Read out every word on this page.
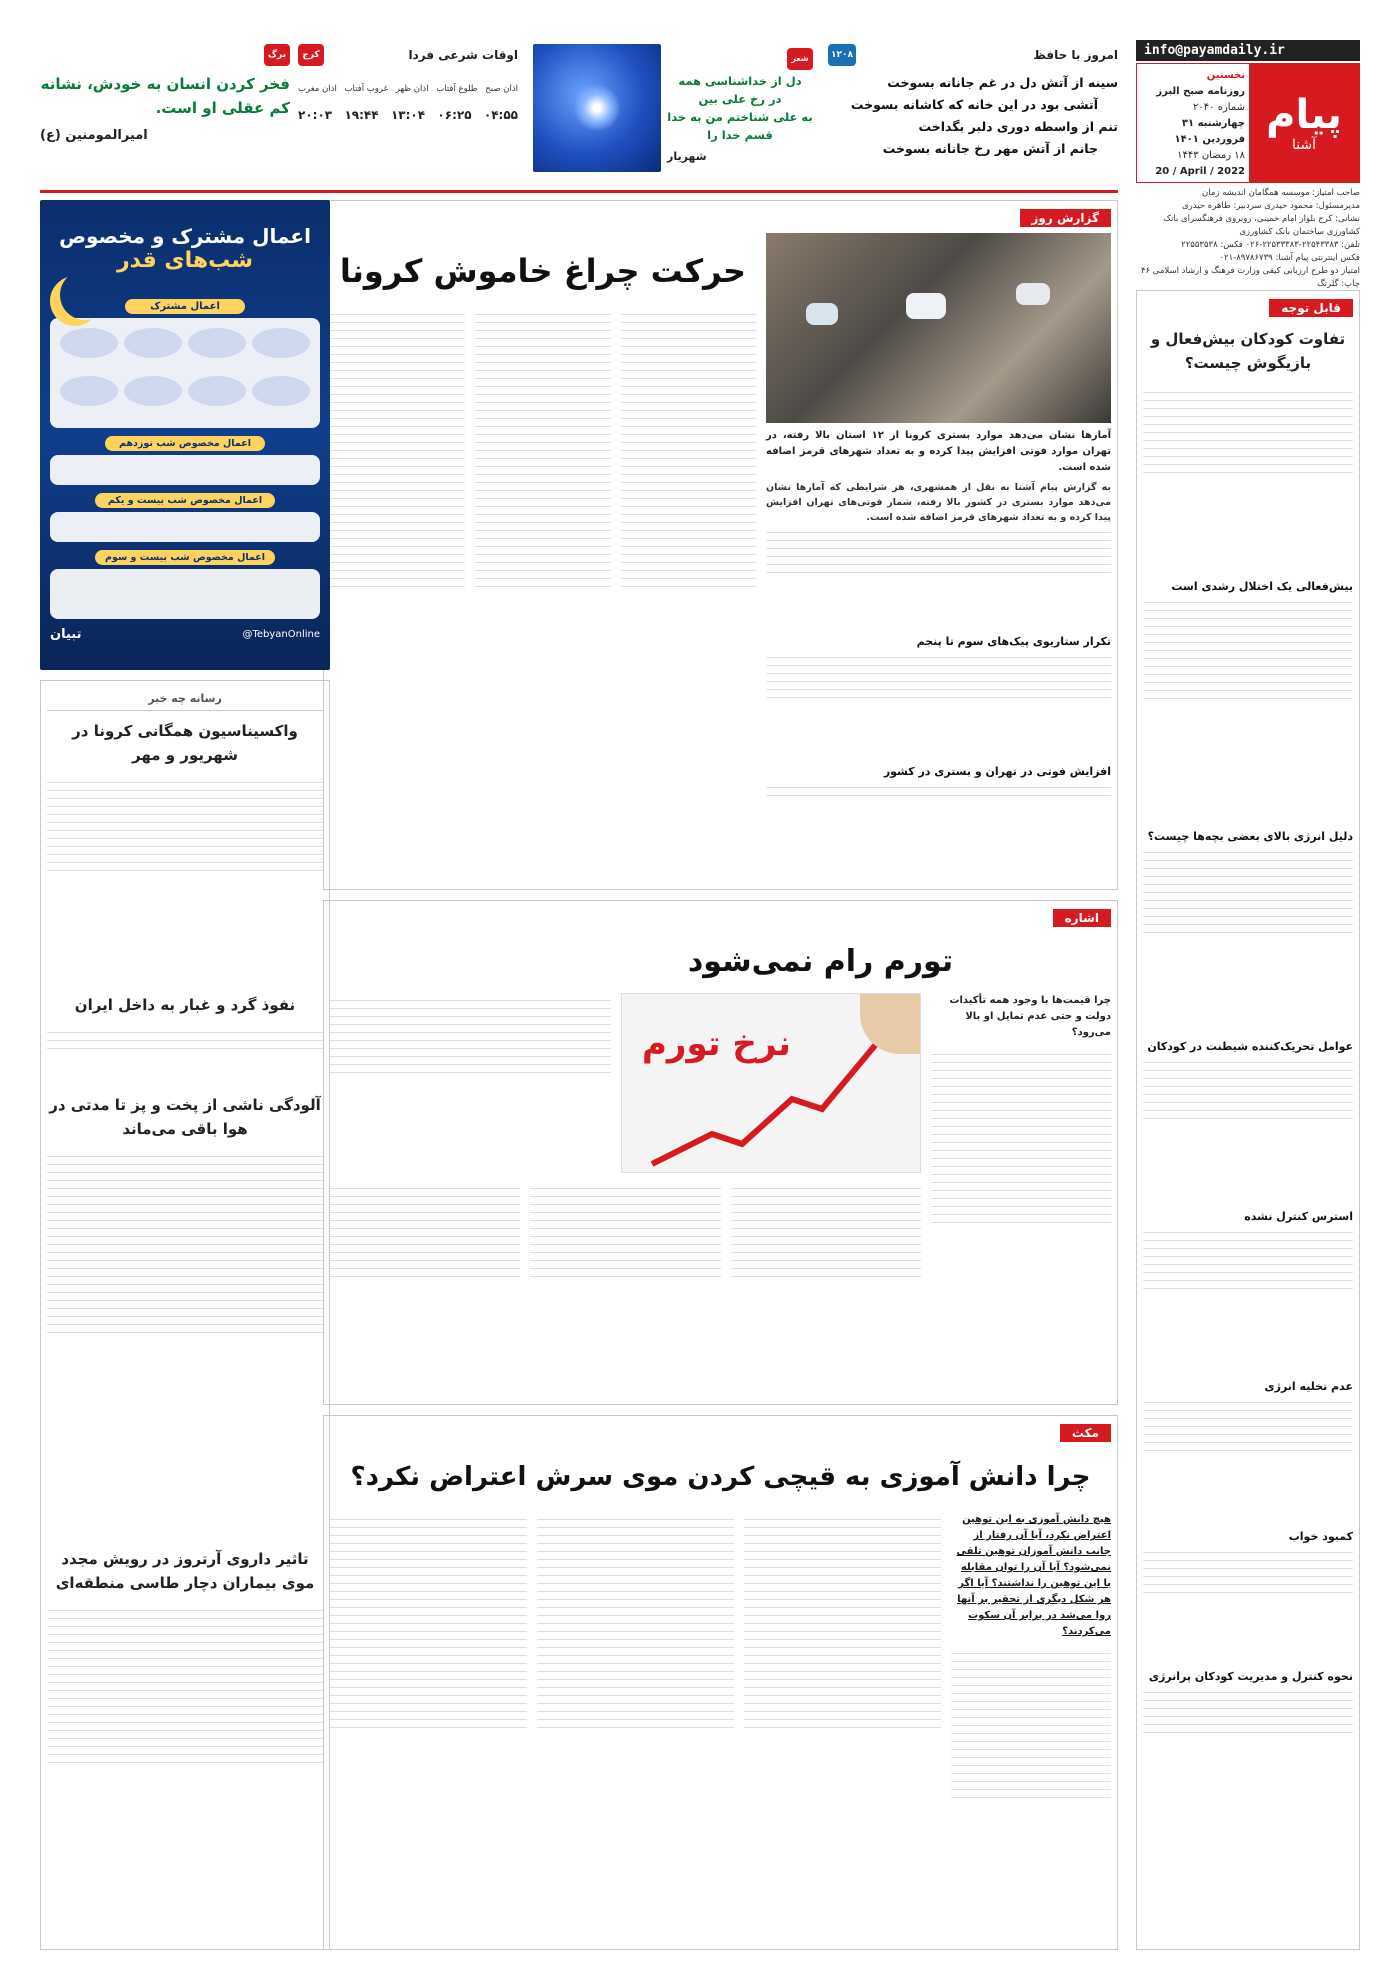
info@payamdaily.ir
پیام
آشنا
نخستین
روزنامه صبح البرز
شماره ۲۰۴۰
چهارشنبه ۳۱ فروردین ۱۴۰۱
۱۸ رمضان ۱۴۴۳
20 / April / 2022
صاحب امتیاز: موسسه همگامان اندیشه زمان
مدیرمسئول: محمود حیدری سردبیر: طاهره حیدری
نشانی: کرج بلوار امام خمینی، روبروی فرهنگسرای بانک کشاورزی ساختمان بانک کشاورزی
تلفن: ۲۲۵۴۳۳۸۳-۲۲۵۳۳۳۸۳-۰۲۶ فکس: ۲۲۵۵۳۵۳۸
فکس اینترنتی پیام آشنا: ۸۹۷۸۶۷۳۹-۰۲۱
امتیاز دو طرح ارزیابی کیفی وزارت فرهنگ و ارشاد اسلامی ۴۶
چاپ: گلرنگ
امروز با حافظ
۱۲۰۸
سینه از آتش دل در غم جانانه بسوخت
آتشی بود در این خانه که کاشانه بسوخت
تنم از واسطه دوری دلبر بگداخت
جانم از آتش مهر رخ جانانه بسوخت
شعر
دل از خداشناسی همه
در رخ علی بین
به علی شناختم من به خدا
قسم خدا را
شهریار
اوقات شرعی فردا
کرج
اذان صبح
طلوع آفتاب
اذان ظهر
غروب آفتاب
اذان مغرب
۰۴:۵۵
۰۶:۲۵
۱۳:۰۴
۱۹:۴۴
۲۰:۰۳
برگ
فخر کردن انسان به خودش، نشانه کم عقلی او است.
امیرالمومنین (ع)
گزارش روز
آمارها نشان می‌دهد موارد بستری کرونا از ۱۲ استان بالا رفته، در تهران موارد فوتی افزایش پیدا کرده و به تعداد شهرهای قرمز اضافه شده است.

به گزارش پیام آشنا به نقل از همشهری، هر شرایطی که آمارها نشان می‌دهد موارد بستری در کشور بالا رفته، شمار فوتی‌های تهران افزایش پیدا کرده و به تعداد شهرهای قرمز اضافه شده است.

تکرار ستاریوی پیک‌های سوم تا پنجم
افزایش فوتی در تهران و بستری در کشور
حرکت چراغ خاموش کرونا
قابل توجه
تفاوت کودکان بیش‌فعال و بازیگوش چیست؟
بیش‌فعالی یک اختلال رشدی است
دلیل انرژی بالای بعضی بچه‌ها چیست؟
عوامل تحریک‌کننده شیطنت در کودکان
استرس کنترل نشده
عدم تخلیه انرژی
کمبود خواب
نحوه کنترل و مدیریت کودکان پرانرژی
اشاره
تورم رام نمی‌شود
چرا قیمت‌ها با وجود همه تأکیدات دولت و حتی عدم تمایل او بالا می‌رود؟
نرخ تورم
مکث
چرا دانش آموزی به قیچی کردن موی سرش اعتراض نکرد؟
هیچ دانش آموزی به این توهین اعتراض نکرد، آیا آن رفتار از جانب دانش آموزان توهین تلقی نمی‌شود؟ آیا آن را توان مقابله با این توهین را نداشتند؟ آیا اگر هر شکل دیگری از تحقیر بر آنها روا می‌شد در برابر آن سکوت می‌کردند؟
اعمال مشترک و مخصوص
شب‌های قدر
اعمال مشترک
اعمال مخصوص شب نوزدهم
اعمال مخصوص شب بیست و یکم
اعمال مخصوص شب بیست و سوم
@TebyanOnline
تبیان
رسانه چه خبر
واکسیناسیون همگانی کرونا در شهریور و مهر
نفوذ گرد و غبار به داخل ایران
آلودگی ناشی از پخت و پز تا مدتی در هوا باقی می‌ماند
تاثیر داروی آرتروز در رویش مجدد موی بیماران دچار طاسی منطقه‌ای
